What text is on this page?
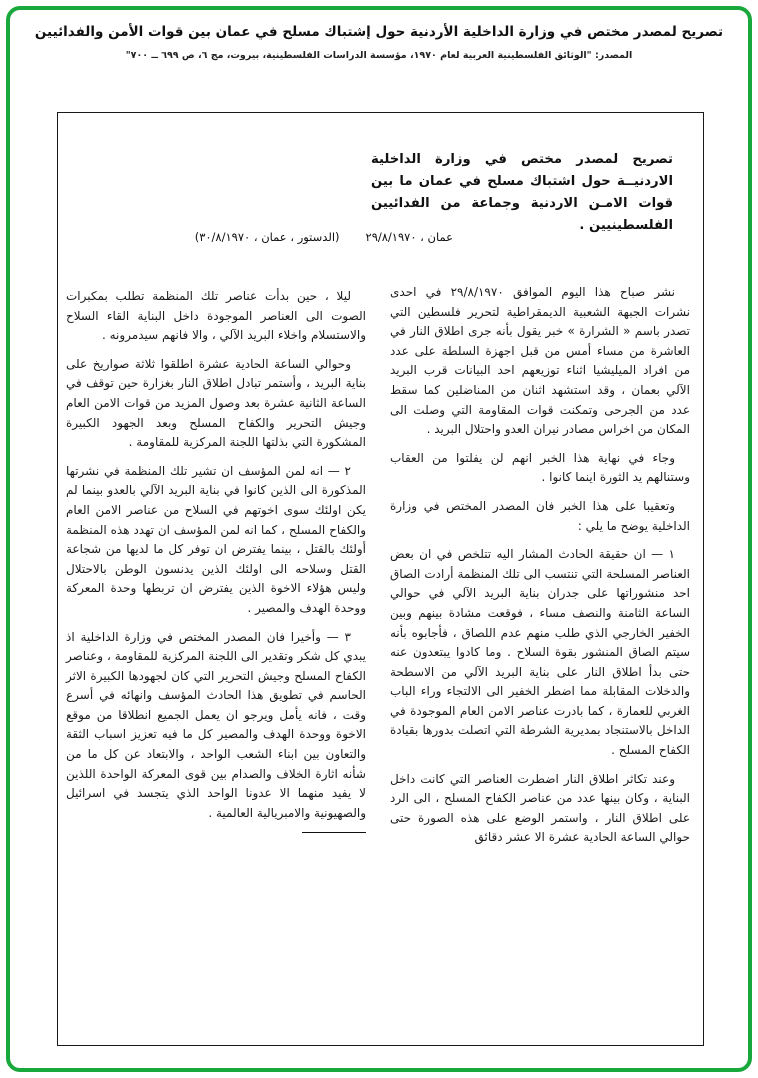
تصريح لمصدر مختص في وزارة الداخلية الأردنية حول إشتباك مسلح في عمان بين قوات الأمن والفدائيين
المصدر: "الوثائق الفلسطينية العربية لعام ١٩٧٠، مؤسسة الدراسات الفلسطينية، بيروت، مج ٦، ص ٦٩٩ ــ ٧٠٠"
تصريح لمصدر مختص في وزارة الداخلية الاردنيــة حول اشتباك مسلح في عمان ما بين قوات الامـن الاردنية وجماعة من الفدائيين الفلسطينيين .
عمان ، ٢٩/٨/١٩٧٠(الدستور ، عمان ، ٣٠/٨/١٩٧٠)

نشر صباح هذا اليوم الموافق ٢٩/٨/١٩٧٠ في احدى نشرات الجبهة الشعبية الديمقراطية لتحرير فلسطين التي تصدر باسم « الشرارة » خبر يقول بأنه جرى اطلاق النار في العاشرة من مساء أمس من قبل اجهزة السلطة على عدد من افراد الميليشيا اثناء توزيعهم احد البيانات قرب البريد الآلي بعمان ، وقد استشهد اثنان من المناضلين كما سقط عدد من الجرحى وتمكنت قوات المقاومة التي وصلت الى المكان من اخراس مصادر نيران العدو واحتلال البريد .

وجاء في نهاية هذا الخبر انهم لن يفلتوا من العقاب وستنالهم يد الثورة اينما كانوا .

وتعقيبا على هذا الخبر فان المصدر المختص في وزارة الداخلية يوضح ما يلي :

١ — ان حقيقة الحادث المشار اليه تتلخص في ان بعض العناصر المسلحة التي تنتسب الى تلك المنظمة أرادت الصاق احد منشوراتها على جدران بناية البريد الآلي في حوالي الساعة الثامنة والنصف مساء ، فوقعت مشادة بينهم وبين الخفير الخارجي الذي طلب منهم عدم اللصاق ، فأجابوه بأنه سيتم الصاق المنشور بقوة السلاح . وما كادوا يبتعدون عنه حتى بدأ اطلاق النار على بناية البريد الآلي من الاسطحة والدخلات المقابلة مما اضطر الخفير الى الالتجاء وراء الباب الغربي للعمارة ، كما بادرت عناصر الامن العام الموجودة في الداخل بالاستنجاد بمديرية الشرطة التي اتصلت بدورها بقيادة الكفاح المسلح .

وعند تكاثر اطلاق النار اضطرت العناصر التي كانت داخل البناية ، وكان بينها عدد من عناصر الكفاح المسلح ، الى الرد على اطلاق النار ، واستمر الوضع على هذه الصورة حتى حوالي الساعة الحادية عشرة الا عشر دقائق

ليلا ، حين بدأت عناصر تلك المنظمة تطلب بمكبرات الصوت الى العناصر الموجودة داخل البناية القاء السلاح والاستسلام واخلاء البريد الآلي ، والا فانهم سيدمرونه .

وحوالي الساعة الحادية عشرة اطلقوا ثلاثة صواريخ على بناية البريد ، وأستمر تبادل اطلاق النار بغزارة حين توقف في الساعة الثانية عشرة بعد وصول المزيد من قوات الامن العام وجيش التحرير والكفاح المسلح وبعد الجهود الكبيرة المشكورة التي بذلتها اللجنة المركزية للمقاومة .

٢ — انه لمن المؤسف ان تشير تلك المنظمة في نشرتها المذكورة الى الذين كانوا في بناية البريد الآلي بالعدو بينما لم يكن اولئك سوى اخوتهم في السلاح من عناصر الامن العام والكفاح المسلح ، كما انه لمن المؤسف ان تهدد هذه المنظمة أولئك بالقتل ، بينما يفترض ان توفر كل ما لديها من شجاعة القتل وسلاحه الى اولئك الذين يدنسون الوطن بالاحتلال وليس هؤلاء الاخوة الذين يفترض ان تربطها وحدة المعركة ووحدة الهدف والمصير .

٣ — وأخيرا فان المصدر المختص في وزارة الداخلية اذ يبدي كل شكر وتقدير الى اللجنة المركزية للمقاومة ، وعناصر الكفاح المسلح وجيش التحرير التي كان لجهودها الكبيرة الاثر الحاسم في تطويق هذا الحادث المؤسف وانهائه في أسرع وقت ، فانه يأمل ويرجو ان يعمل الجميع انطلاقا من موقع الاخوة ووحدة الهدف والمصير كل ما فيه تعزيز اسباب الثقة والتعاون بين ابناء الشعب الواحد ، والابتعاد عن كل ما من شأنه اثارة الخلاف والصدام بين قوى المعركة الواحدة اللذين لا يفيد منهما الا عدونا الواحد الذي يتجسد في اسرائيل والصهيونية والامبريالية العالمية .
